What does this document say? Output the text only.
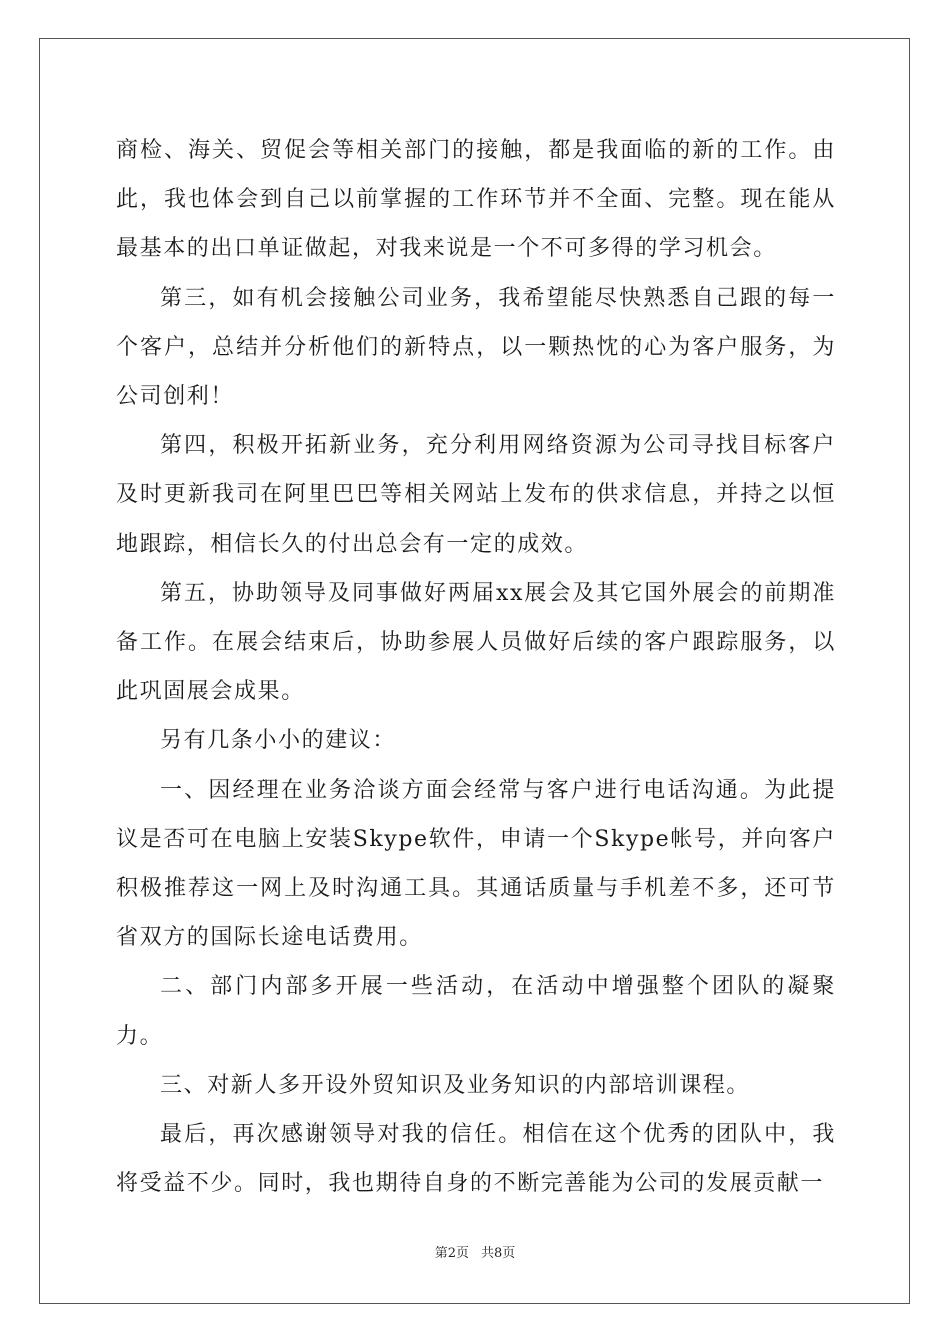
商检、海关、贸促会等相关部门的接触，都是我面临的新的工作。由此，我也体会到自己以前掌握的工作环节并不全面、完整。现在能从最基本的出口单证做起，对我来说是一个不可多得的学习机会。

第三，如有机会接触公司业务，我希望能尽快熟悉自己跟的每一个客户，总结并分析他们的新特点，以一颗热忱的心为客户服务，为公司创利！

第四，积极开拓新业务，充分利用网络资源为公司寻找目标客户及时更新我司在阿里巴巴等相关网站上发布的供求信息，并持之以恒地跟踪，相信长久的付出总会有一定的成效。

第五，协助领导及同事做好两届xx展会及其它国外展会的前期准备工作。在展会结束后，协助参展人员做好后续的客户跟踪服务，以此巩固展会成果。

另有几条小小的建议：

一、因经理在业务洽谈方面会经常与客户进行电话沟通。为此提议是否可在电脑上安装Skype软件，申请一个Skype帐号，并向客户积极推荐这一网上及时沟通工具。其通话质量与手机差不多，还可节省双方的国际长途电话费用。

二、部门内部多开展一些活动，在活动中增强整个团队的凝聚力。

三、对新人多开设外贸知识及业务知识的内部培训课程。

最后，再次感谢领导对我的信任。相信在这个优秀的团队中，我将受益不少。同时，我也期待自身的不断完善能为公司的发展贡献一

第2页 共8页
